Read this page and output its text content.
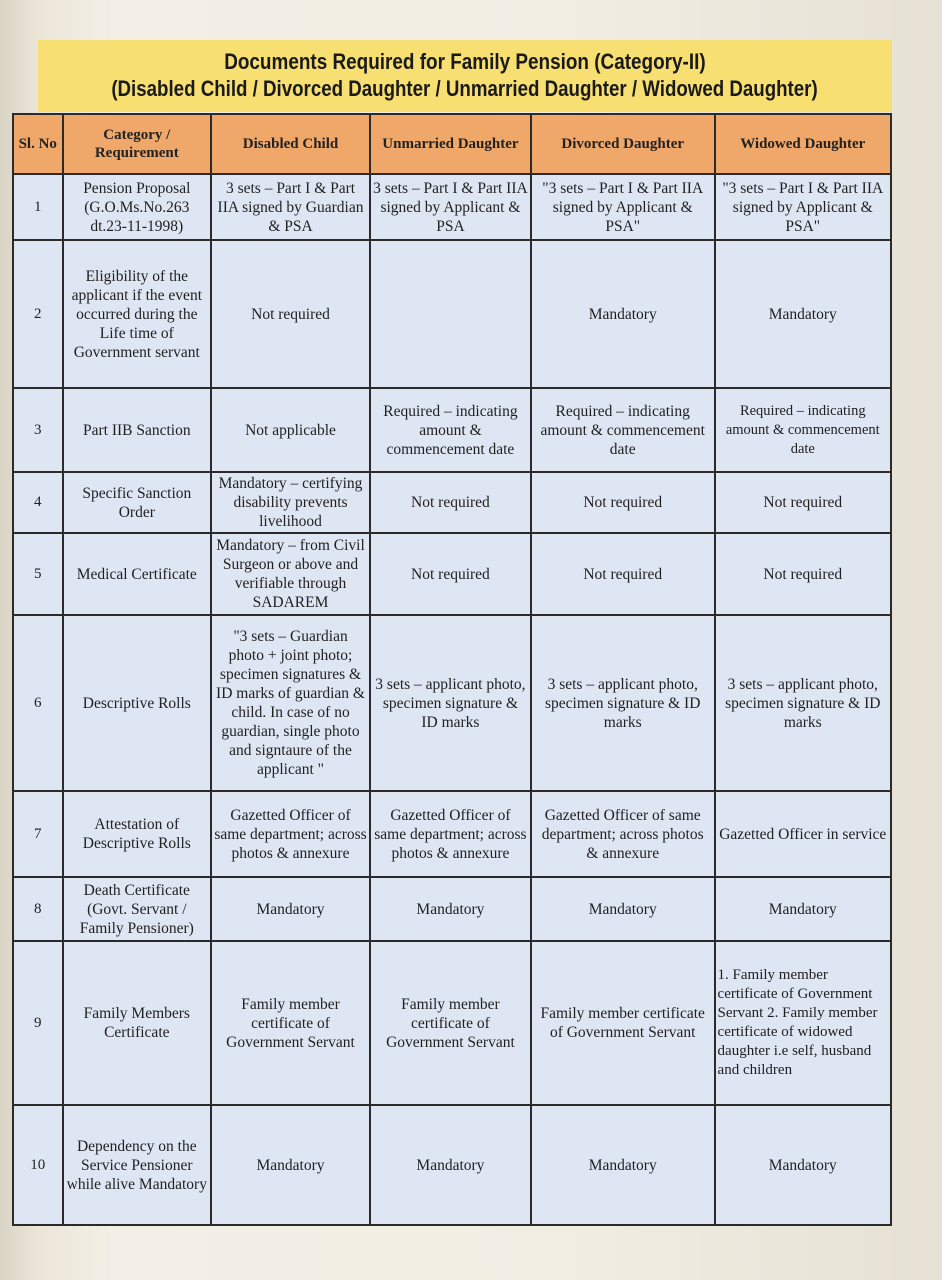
Documents Required for Family Pension (Category-II)
(Disabled Child / Divorced Daughter / Unmarried Daughter / Widowed Daughter)
Sl. No	Category / Requirement	Disabled Child	Unmarried Daughter	Divorced Daughter	Widowed Daughter
1	Pension Proposal (G.O.Ms.No.263 dt.23-11-1998)	3 sets – Part I & Part IIA signed by Guardian & PSA	3 sets – Part I & Part IIA signed by Applicant & PSA	"3 sets – Part I & Part IIA signed by Applicant & PSA"	"3 sets – Part I & Part IIA signed by Applicant & PSA"
2	Eligibility of the applicant if the event occurred during the Life time of Government servant	Not required		Mandatory	Mandatory
3	Part IIB Sanction	Not applicable	Required – indicating amount & commencement date	Required – indicating amount & commencement date	Required – indicating amount & commencement date
4	Specific Sanction Order	Mandatory – certifying disability prevents livelihood	Not required	Not required	Not required
5	Medical Certificate	Mandatory – from Civil Surgeon or above and verifiable through SADAREM	Not required	Not required	Not required
6	Descriptive Rolls	"3 sets – Guardian photo + joint photo; specimen signatures & ID marks of guardian & child. In case of no guardian, single photo and signtaure of the applicant "	3 sets – applicant photo, specimen signature & ID marks	3 sets – applicant photo, specimen signature & ID marks	3 sets – applicant photo, specimen signature & ID marks
7	Attestation of Descriptive Rolls	Gazetted Officer of same department; across photos & annexure	Gazetted Officer of same department; across photos & annexure	Gazetted Officer of same department; across photos & annexure	Gazetted Officer in service
8	Death Certificate (Govt. Servant / Family Pensioner)	Mandatory	Mandatory	Mandatory	Mandatory
9	Family Members Certificate	Family member certificate of Government Servant	Family member certificate of Government Servant	Family member certificate of Government Servant	1. Family member certificate of Government Servant 2. Family member certificate of widowed daughter i.e self, husband and children
10	Dependency on the Service Pensioner while alive Mandatory	Mandatory	Mandatory	Mandatory	Mandatory
